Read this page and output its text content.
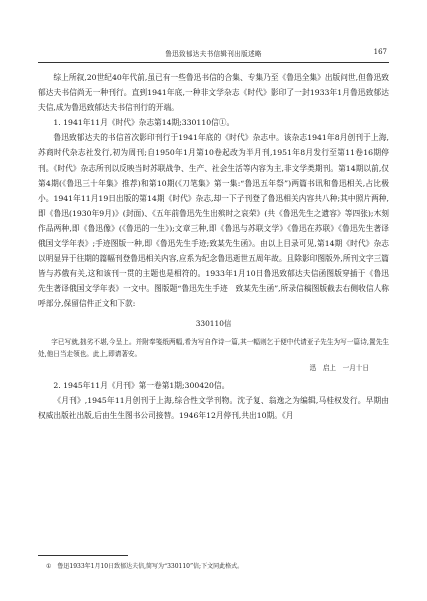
鲁迅致郁达夫书信辑刊出版述略	167

综上所叙,20世纪40年代前,虽已有一些鲁迅书信的合集、专集乃至《鲁迅全集》出版问世,但鲁迅致郁达夫书信尚无一种刊行。直到1941年底,一种非文学杂志《时代》影印了一封1933年1月鲁迅致郁达夫信,成为鲁迅致郁达夫书信刊行的开端。

1. 1941年11月《时代》杂志第14期;330110信①。

鲁迅致郁达夫的书信首次影印刊行于1941年底的《时代》杂志中。该杂志1941年8月创刊于上海,苏商时代杂志社发行,初为周刊;自1950年1月第10卷起改为半月刊,1951年8月发行至第11卷16期停刊。《时代》杂志所刊以反映当时苏联战争、生产、社会生活等内容为主,非文学类期刊。第14期以前,仅第4期(《鲁迅三十年集》推荐)和第10期(《刀笔集》第一集:“鲁迅五年祭”)两篇书讯和鲁迅相关,占比极小。1941年11月19日出版的第14期《时代》杂志,却一下子刊登了鲁迅相关内容共八种;其中照片两种,即《鲁迅(1930年9月)》(封面)、《五年前鲁迅先生出殡时之哀荣》(共《鲁迅先生之遗容》等四张);木刻作品两种,即《鲁迅像》(《鲁迅的一生》);文章三种,即《鲁迅与苏联文学》《鲁迅在苏联》《鲁迅先生著译俄国文学年表》;手迹图版一种,即《鲁迅先生手迹;致某先生函》。由以上目录可见,第14期《时代》杂志以明显异于往期的篇幅刊登鲁迅相关内容,应系为纪念鲁迅逝世五周年故。且除影印图版外,所刊文字三篇皆与苏俄有关,这和该刊一贯的主题也是相符的。1933年1月10日鲁迅致郁达夫信函图版穿插于《鲁迅先生著译俄国文学年表》一文中。图版题“鲁迅先生手迹　致某先生函”,所录信稿图版截去右侧收信人称呼部分,保留信件正文和下款:

330110信
字已写就,拙劣不堪,今呈上。并附奉笺纸两幅,希为写自作诗一篇,其一幅则乞于便中代请亚子先生为写一篇诗,置先生处,他日当走领也。此上,即请著安。
迅　启上　一月十日

2. 1945年11月《月刊》第一卷第1期;300420信。

《月刊》,1945年11月创刊于上海,综合性文学刊物。沈子复、翁逸之为编辑,马桂权发行。早期由权威出版社出版,后由生生图书公司接替。1946年12月停刊,共出10期。《月

① 鲁迅1933年1月10日致郁达夫信,简写为“330110”信;下文同此格式。
